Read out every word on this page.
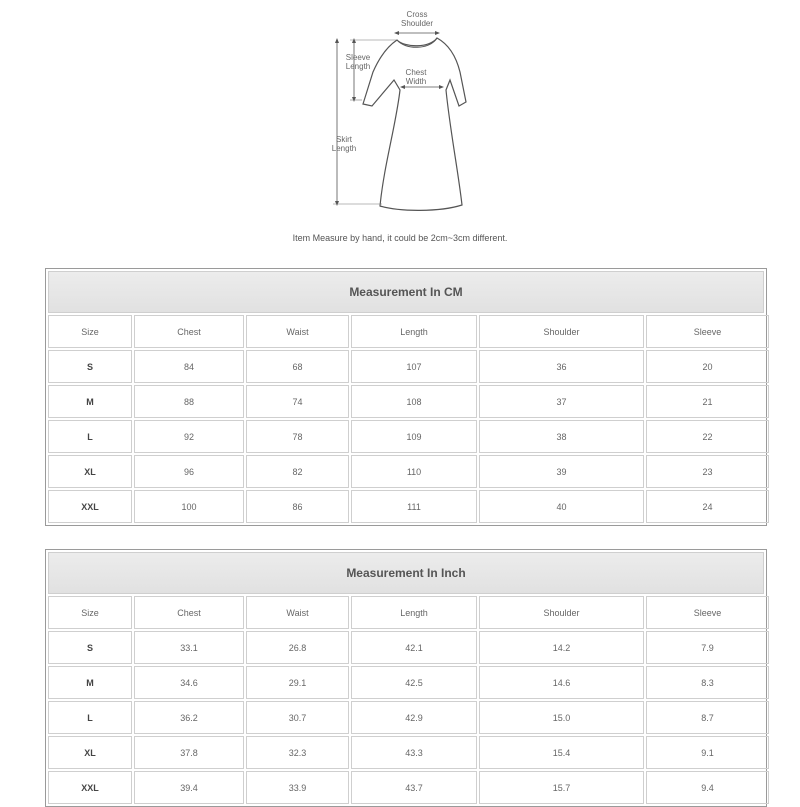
Cross
Shoulder
Sleeve
Length
Chest
Width
Skirt
Length
Item Measure by hand, it could be 2cm~3cm different.
Measurement In CM
Size	Chest	Waist	Length	Shoulder	Sleeve
S	84	68	107	36	20
M	88	74	108	37	21
L	92	78	109	38	22
XL	96	82	110	39	23
XXL	100	86	111	40	24
Measurement In Inch
Size	Chest	Waist	Length	Shoulder	Sleeve
S	33.1	26.8	42.1	14.2	7.9
M	34.6	29.1	42.5	14.6	8.3
L	36.2	30.7	42.9	15.0	8.7
XL	37.8	32.3	43.3	15.4	9.1
XXL	39.4	33.9	43.7	15.7	9.4
